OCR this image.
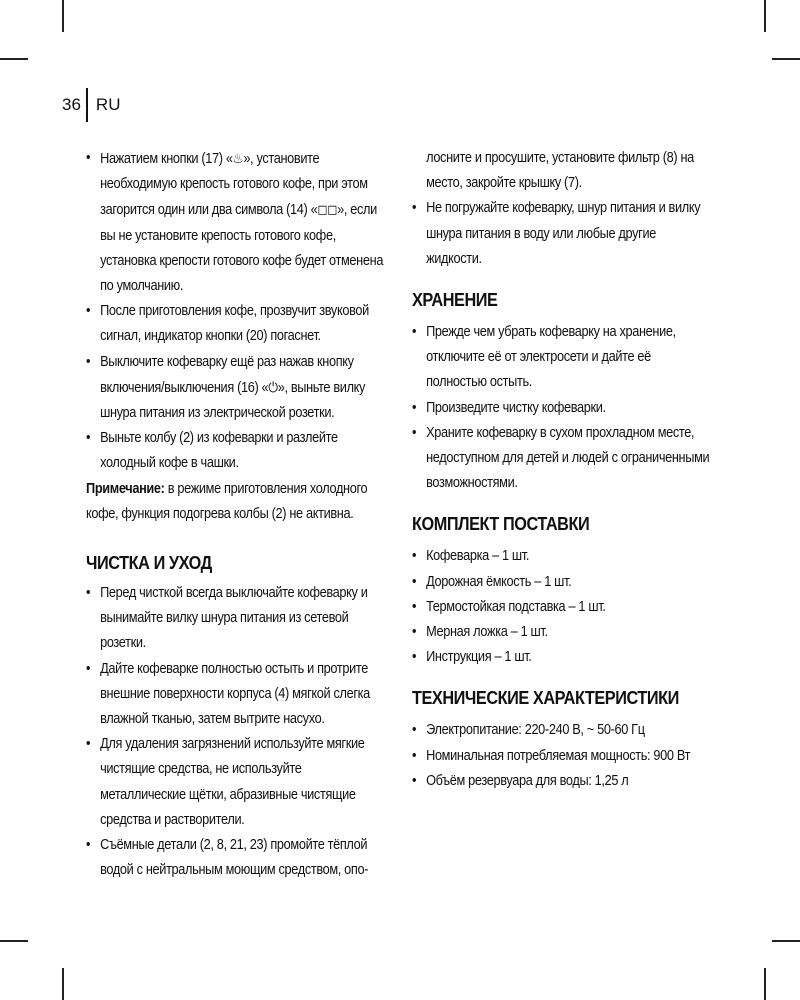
36 RU
• Нажатием кнопки (17) «♨», установите необходимую крепость готового кофе, при этом загорится один или два символа (14) «◻◻», если вы не установите крепость готового кофе, установка крепости готового кофе будет отменена по умолчанию.
• После приготовления кофе, прозвучит звуковой сигнал, индикатор кнопки (20) погаснет.
• Выключите кофеварку ещё раз нажав кнопку включения/выключения (16) «⏻», выньте вилку шнура питания из электрической розетки.
• Выньте колбу (2) из кофеварки и разлейте холодный кофе в чашки.
Примечание: в режиме приготовления холодного кофе, функция подогрева колбы (2) не активна.
ЧИСТКА И УХОД
• Перед чисткой всегда выключайте кофеварку и вынимайте вилку шнура питания из сетевой розетки.
• Дайте кофеварке полностью остыть и протрите внешние поверхности корпуса (4) мягкой слегка влажной тканью, затем вытрите насухо.
• Для удаления загрязнений используйте мягкие чистящие средства, не используйте металлические щётки, абразивные чистящие средства и растворители.
• Съёмные детали (2, 8, 21, 23) промойте тёплой водой с нейтральным моющим средством, опо-
лосните и просушите, установите фильтр (8) на место, закройте крышку (7).
• Не погружайте кофеварку, шнур питания и вилку шнура питания в воду или любые другие жидкости.
ХРАНЕНИЕ
• Прежде чем убрать кофеварку на хранение, отключите её от электросети и дайте её полностью остыть.
• Произведите чистку кофеварки.
• Храните кофеварку в сухом прохладном месте, недоступном для детей и людей с ограниченными возможностями.
КОМПЛЕКТ ПОСТАВКИ
• Кофеварка – 1 шт.
• Дорожная ёмкость – 1 шт.
• Термостойкая подставка – 1 шт.
• Мерная ложка – 1 шт.
• Инструкция – 1 шт.
ТЕХНИЧЕСКИЕ ХАРАКТЕРИСТИКИ
• Электропитание: 220-240 В, ~ 50-60 Гц
• Номинальная потребляемая мощность: 900 Вт
• Объём резервуара для воды: 1,25 л
